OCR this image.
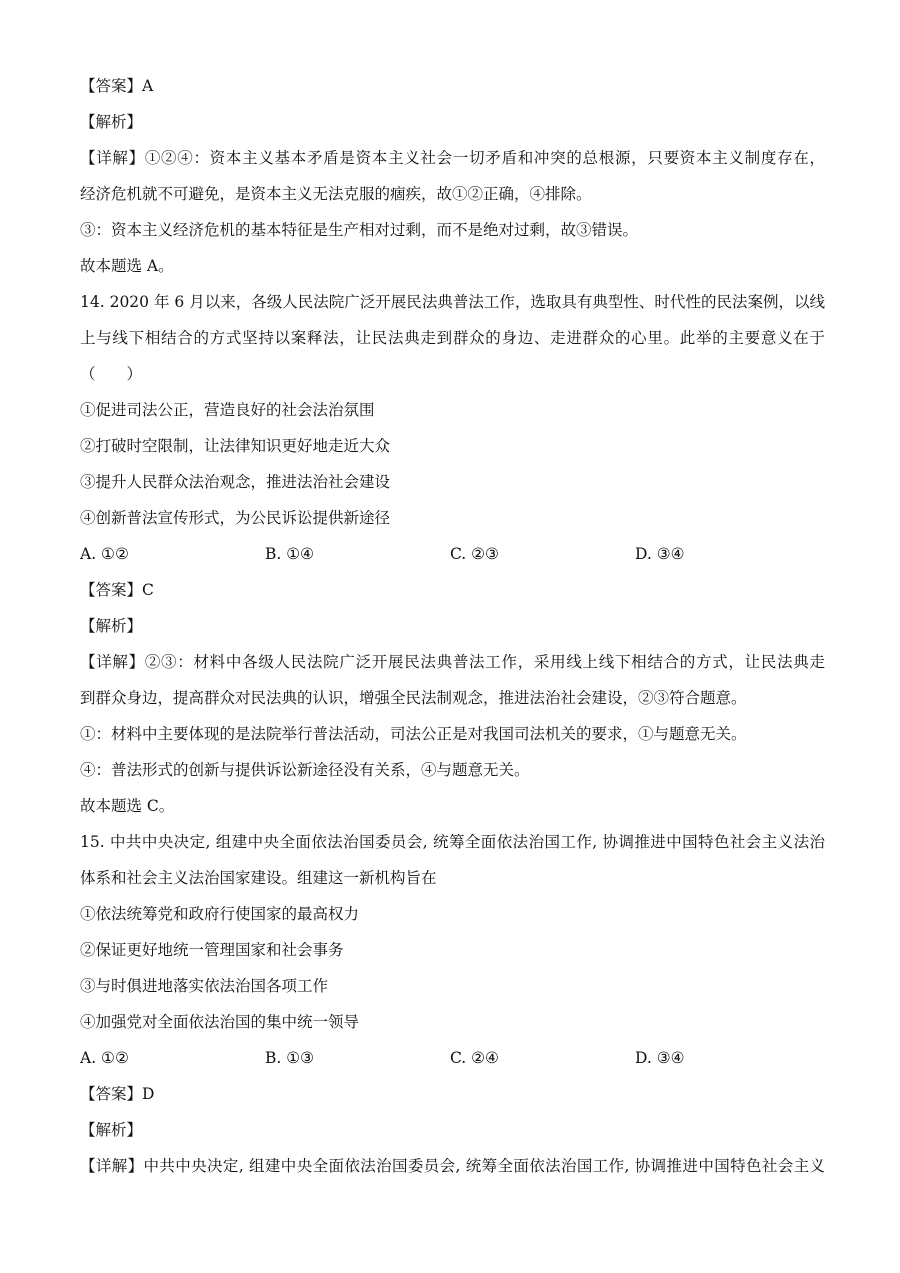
【答案】A
【解析】
【详解】①②④：资本主义基本矛盾是资本主义社会一切矛盾和冲突的总根源，只要资本主义制度存在，
经济危机就不可避免，是资本主义无法克服的痼疾，故①②正确，④排除。
③：资本主义经济危机的基本特征是生产相对过剩，而不是绝对过剩，故③错误。
故本题选 A。
14. 2020 年 6 月以来，各级人民法院广泛开展民法典普法工作，选取具有典型性、时代性的民法案例，以线
上与线下相结合的方式坚持以案释法，让民法典走到群众的身边、走进群众的心里。此举的主要意义在于
（　　）
①促进司法公正，营造良好的社会法治氛围
②打破时空限制，让法律知识更好地走近大众
③提升人民群众法治观念，推进法治社会建设
④创新普法宣传形式，为公民诉讼提供新途径
A. ①②	B. ①④	C. ②③	D. ③④
【答案】C
【解析】
【详解】②③：材料中各级人民法院广泛开展民法典普法工作，采用线上线下相结合的方式，让民法典走
到群众身边，提高群众对民法典的认识，增强全民法制观念，推进法治社会建设，②③符合题意。
①：材料中主要体现的是法院举行普法活动，司法公正是对我国司法机关的要求，①与题意无关。
④：普法形式的创新与提供诉讼新途径没有关系，④与题意无关。
故本题选 C。
15. 中共中央决定, 组建中央全面依法治国委员会, 统筹全面依法治国工作, 协调推进中国特色社会主义法治
体系和社会主义法治国家建设。组建这一新机构旨在
①依法统筹党和政府行使国家的最高权力
②保证更好地统一管理国家和社会事务
③与时俱进地落实依法治国各项工作
④加强党对全面依法治国的集中统一领导
A. ①②	B. ①③	C. ②④	D. ③④
【答案】D
【解析】
【详解】中共中央决定, 组建中央全面依法治国委员会, 统筹全面依法治国工作, 协调推进中国特色社会主义
